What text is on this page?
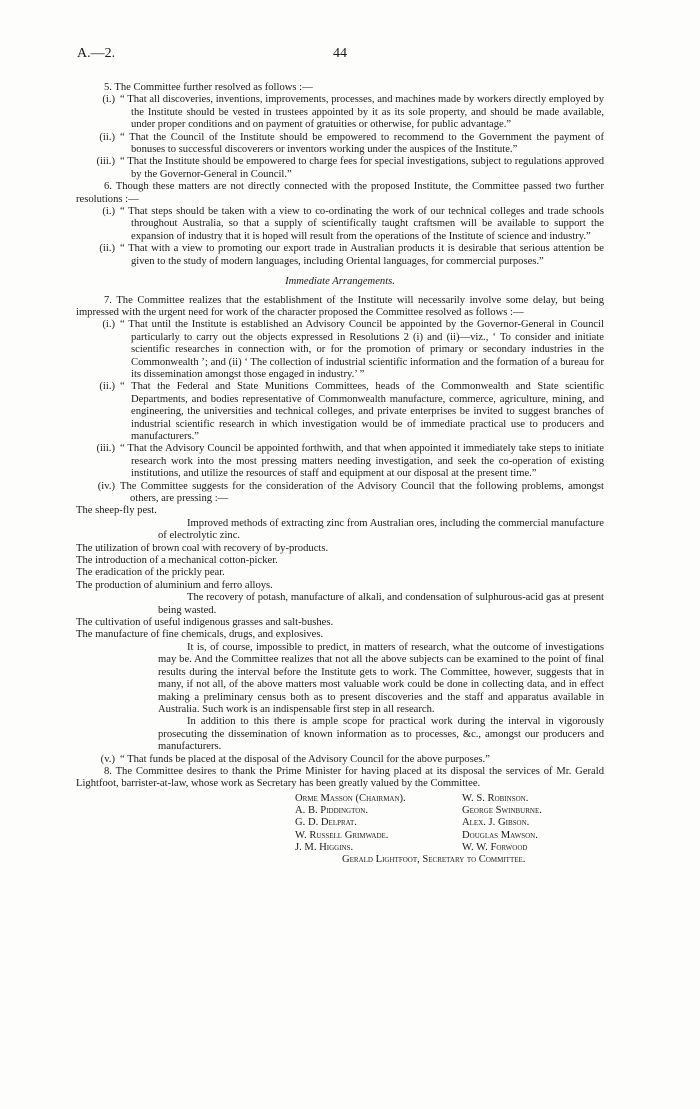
A.—2.	44

5. The Committee further resolved as follows :—

(i.) “ That all discoveries, inventions, improvements, processes, and machines made by workers directly employed by the Institute should be vested in trustees appointed by it as its sole property, and should be made available, under proper conditions and on payment of gratuities or otherwise, for public advantage.”
(ii.) “ That the Council of the Institute should be empowered to recommend to the Government the payment of bonuses to successful discoverers or inventors working under the auspices of the Institute.”
(iii.) “ That the Institute should be empowered to charge fees for special investigations, subject to regulations approved by the Governor-General in Council.”

6. Though these matters are not directly connected with the proposed Institute, the Committee passed two further resolutions :—

(i.) “ That steps should be taken with a view to co-ordinating the work of our technical colleges and trade schools throughout Australia, so that a supply of scientifically taught craftsmen will be available to support the expansion of industry that it is hoped will result from the operations of the Institute of science and industry.”
(ii.) “ That with a view to promoting our export trade in Australian products it is desirable that serious attention be given to the study of modern languages, including Oriental languages, for commercial purposes.”
Immediate Arrangements.

7. The Committee realizes that the establishment of the Institute will necessarily involve some delay, but being impressed with the urgent need for work of the character proposed the Committee resolved as follows :—

(i.) “ That until the Institute is established an Advisory Council be appointed by the Governor-General in Council particularly to carry out the objects expressed in Resolutions 2 (i) and (ii)—viz., ‘ To consider and initiate scientific researches in connection with, or for the promotion of primary or secondary industries in the Commonwealth ’; and (ii) ‘ The collection of industrial scientific information and the formation of a bureau for its dissemination amongst those engaged in industry.’ ”
(ii.) “ That the Federal and State Munitions Committees, heads of the Commonwealth and State scientific Departments, and bodies representative of Commonwealth manufacture, commerce, agriculture, mining, and engineering, the universities and technical colleges, and private enterprises be invited to suggest branches of industrial scientific research in which investigation would be of immediate practical use to producers and manufacturers.”
(iii.) “ That the Advisory Council be appointed forthwith, and that when appointed it immediately take steps to initiate research work into the most pressing matters needing investigation, and seek the co-operation of existing institutions, and utilize the resources of staff and equipment at our disposal at the present time.”
(iv.) The Committee suggests for the consideration of the Advisory Council that the following problems, amongst others, are pressing :—

The sheep-fly pest.

Improved methods of extracting zinc from Australian ores, including the commercial manufacture of electrolytic zinc.

The utilization of brown coal with recovery of by-products.

The introduction of a mechanical cotton-picker.

The eradication of the prickly pear.

The production of aluminium and ferro alloys.

The recovery of potash, manufacture of alkali, and condensation of sulphurous-acid gas at present being wasted.

The cultivation of useful indigenous grasses and salt-bushes.

The manufacture of fine chemicals, drugs, and explosives.

It is, of course, impossible to predict, in matters of research, what the outcome of investigations may be. And the Committee realizes that not all the above subjects can be examined to the point of final results during the interval before the Institute gets to work. The Committee, however, suggests that in many, if not all, of the above matters most valuable work could be done in collecting data, and in effect making a preliminary census both as to present discoveries and the staff and apparatus available in Australia. Such work is an indispensable first step in all research.

In addition to this there is ample scope for practical work during the interval in vigorously prosecuting the dissemination of known information as to processes, &c., amongst our producers and manufacturers.

(v.) “ That funds be placed at the disposal of the Advisory Council for the above purposes.”

8. The Committee desires to thank the Prime Minister for having placed at its disposal the services of Mr. Gerald Lightfoot, barrister-at-law, whose work as Secretary has been greatly valued by the Committee.

Orme Masson (Chairman).	W. S. Robinson.
A. B. Piddington.	George Swinburne.
G. D. Delprat.	Alex. J. Gibson.
W. Russell Grimwade.	Douglas Mawson.
J. M. Higgins.	W. W. Forwood

Gerald Lightfoot, Secretary to Committee.
